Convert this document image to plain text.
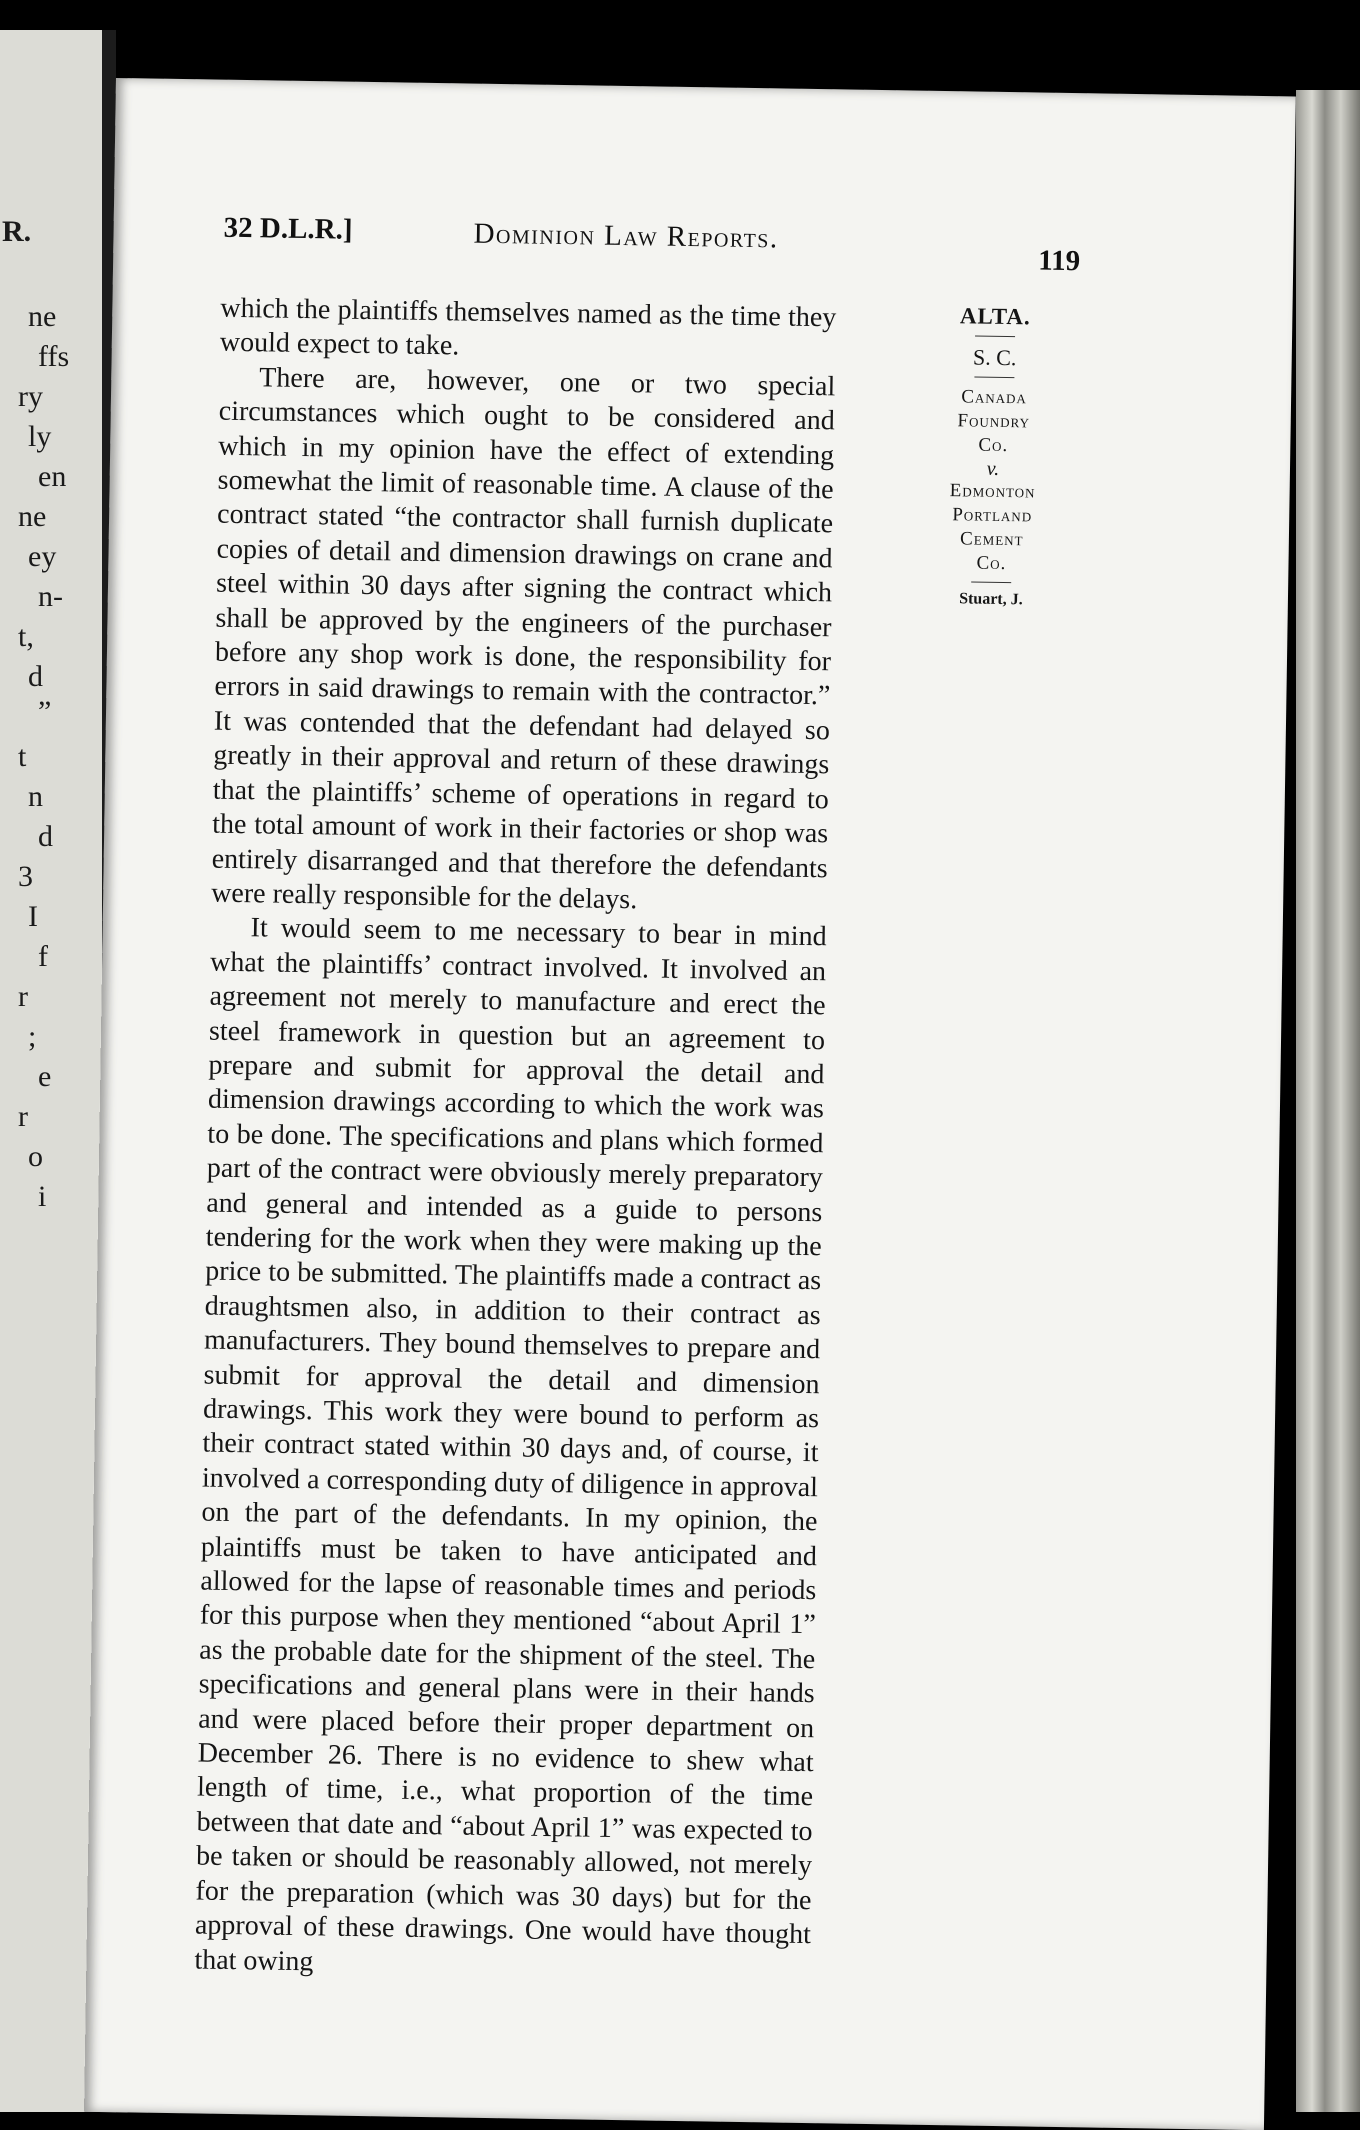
R.
ne
ffs
ry
ly
en
ne
ey
n-
t,
d
”
t
n
d
3
I
f
r
;
e
r
o
i
32 D.L.R.]	Dominion Law Reports.
119

which the plaintiffs themselves named as the time they would expect to take.

There are, however, one or two special circumstances which ought to be considered and which in my opinion have the effect of extending somewhat the limit of reasonable time. A clause of the contract stated “the contractor shall furnish duplicate copies of detail and dimension drawings on crane and steel within 30 days after signing the contract which shall be approved by the engineers of the purchaser before any shop work is done, the responsibility for errors in said drawings to remain with the contractor.” It was contended that the defendant had delayed so greatly in their approval and return of these drawings that the plaintiffs’ scheme of operations in regard to the total amount of work in their factories or shop was entirely disarranged and that therefore the defendants were really responsible for the delays.

It would seem to me necessary to bear in mind what the plaintiffs’ contract involved. It involved an agreement not merely to manufacture and erect the steel framework in question but an agreement to prepare and submit for approval the detail and dimension drawings according to which the work was to be done. The specifications and plans which formed part of the contract were obviously merely preparatory and general and intended as a guide to persons tendering for the work when they were making up the price to be submitted. The plaintiffs made a contract as draughtsmen also, in addition to their contract as manufacturers. They bound themselves to prepare and submit for approval the detail and dimension drawings. This work they were bound to perform as their contract stated within 30 days and, of course, it involved a corresponding duty of diligence in approval on the part of the defendants. In my opinion, the plaintiffs must be taken to have anticipated and allowed for the lapse of reasonable times and periods for this purpose when they mentioned “about April 1” as the probable date for the shipment of the steel. The specifications and general plans were in their hands and were placed before their proper department on December 26. There is no evidence to shew what length of time, i.e., what proportion of the time between that date and “about April 1” was expected to be taken or should be reasonably allowed, not merely for the preparation (which was 30 days) but for the approval of these drawings. One would have thought that owing

ALTA.
S. C.
Canada
Foundry
Co.
v.
Edmonton
Portland
Cement
Co.
Stuart, J.
